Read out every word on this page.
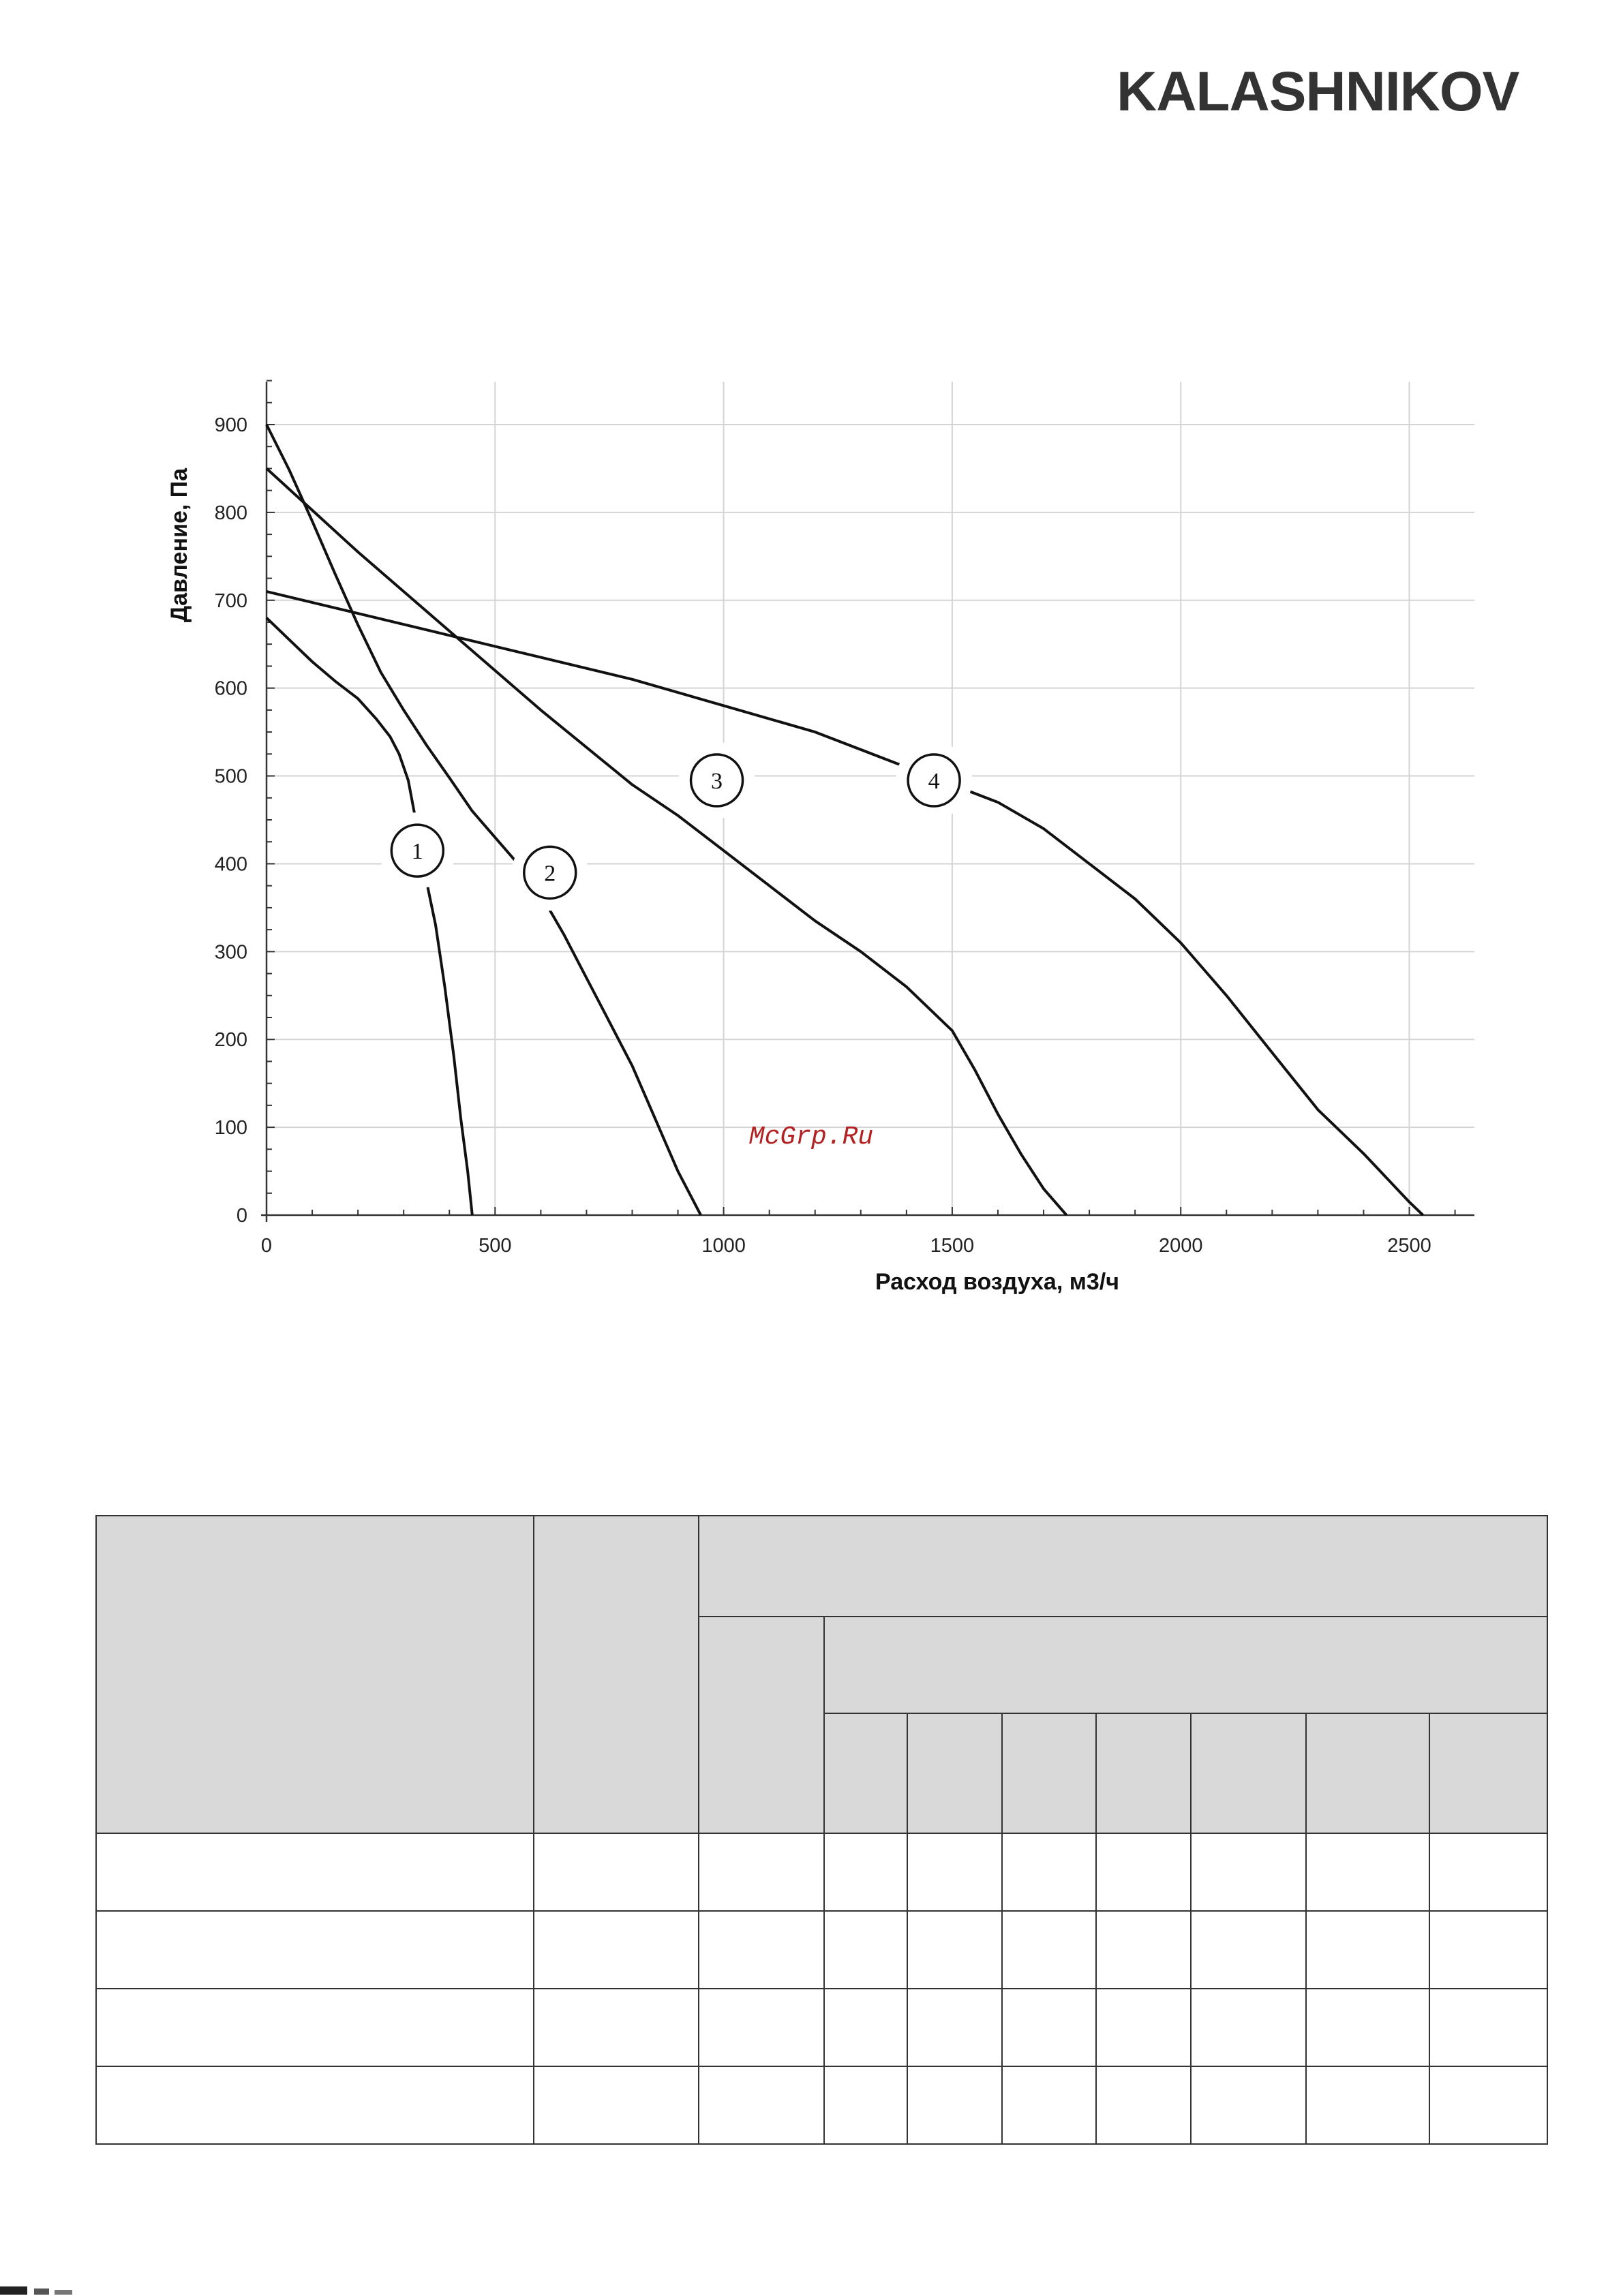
KALASHNIKOV
0	500	1000	1500	2000	2500
0
100
200
300
400
500
600
700
800
900
1
2
3	4
Расход воздуха, м3/ч
Давление, Па
McGrp.Ru
